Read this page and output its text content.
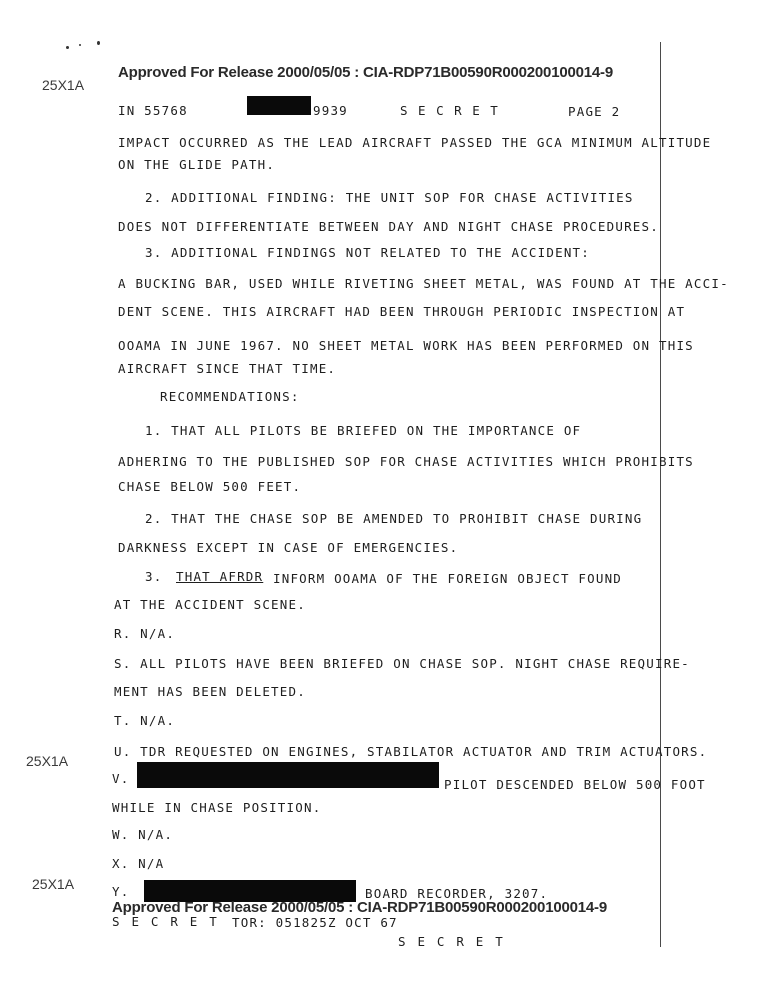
Approved For Release 2000/05/05 : CIA-RDP71B00590R000200100014-9
25X1A
25X1A
25X1A
IN 55768	9939	S E C R E T	PAGE 2
IMPACT OCCURRED AS THE LEAD AIRCRAFT PASSED THE GCA MINIMUM ALTITUDE
ON THE GLIDE PATH.
2. ADDITIONAL FINDING: THE UNIT SOP FOR CHASE ACTIVITIES
DOES NOT DIFFERENTIATE BETWEEN DAY AND NIGHT CHASE PROCEDURES.
3. ADDITIONAL FINDINGS NOT RELATED TO THE ACCIDENT:
A BUCKING BAR, USED WHILE RIVETING SHEET METAL, WAS FOUND AT THE ACCI-
DENT SCENE. THIS AIRCRAFT HAD BEEN THROUGH PERIODIC INSPECTION AT
OOAMA IN JUNE 1967. NO SHEET METAL WORK HAS BEEN PERFORMED ON THIS
AIRCRAFT SINCE THAT TIME.
RECOMMENDATIONS:
1. THAT ALL PILOTS BE BRIEFED ON THE IMPORTANCE OF
ADHERING TO THE PUBLISHED SOP FOR CHASE ACTIVITIES WHICH PROHIBITS
CHASE BELOW 500 FEET.
2. THAT THE CHASE SOP BE AMENDED TO PROHIBIT CHASE DURING
DARKNESS EXCEPT IN CASE OF EMERGENCIES.
3. THAT AFRDR INFORM OOAMA OF THE FOREIGN OBJECT FOUND
AT THE ACCIDENT SCENE.
R. N/A.
S. ALL PILOTS HAVE BEEN BRIEFED ON CHASE SOP. NIGHT CHASE REQUIRE-
MENT HAS BEEN DELETED.
T. N/A.
U. TDR REQUESTED ON ENGINES, STABILATOR ACTUATOR AND TRIM ACTUATORS.
V.	PILOT DESCENDED BELOW 500 FOOT
WHILE IN CHASE POSITION.
W. N/A.
X. N/A
Y.	BOARD RECORDER, 3207.
Approved For Release 2000/05/05 : CIA-RDP71B00590R000200100014-9
S E C R E T TOR: 051825Z OCT 67
S E C R E T
